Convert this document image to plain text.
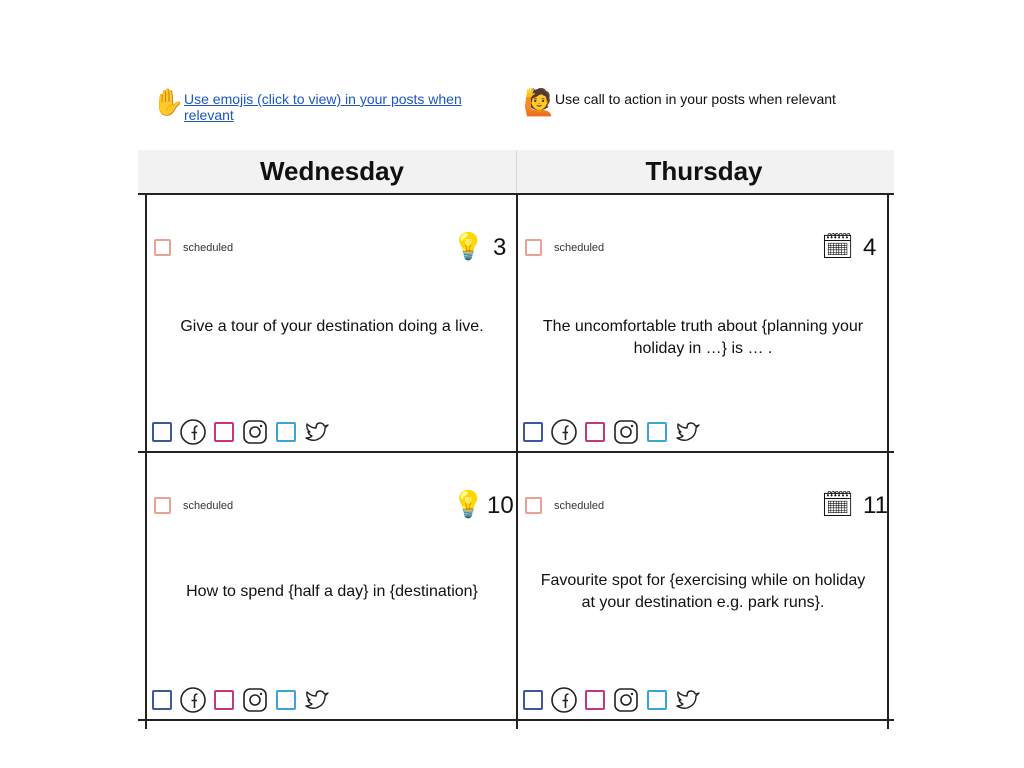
✋ Use emojis (click to view) in your posts when relevant	🙋 Use call to action in your posts when relevant
Wednesday	Thursday
scheduled	💡 3
Give a tour of your destination doing a live.
scheduled	🗓 4
The uncomfortable truth about {planning your holiday in …} is … .
scheduled	💡 10
How to spend {half a day} in {destination}
scheduled	🗓 11
Favourite spot for {exercising while on holiday at your destination e.g. park runs}.
